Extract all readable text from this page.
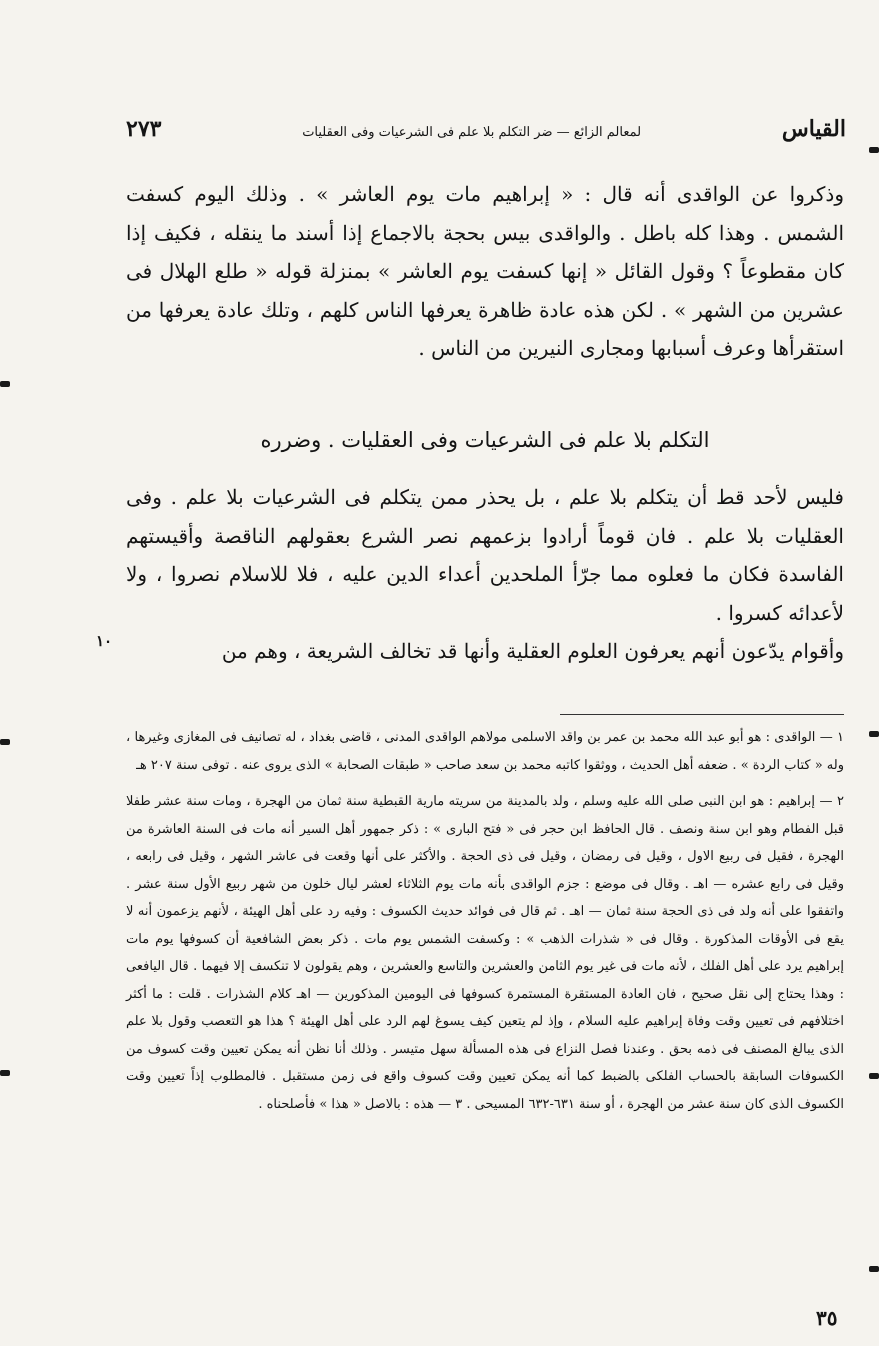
القياس
لمعالم الزائع — ضر التكلم بلا علم فى الشرعيات وفى العقليات
٢٧٣

وذكروا عن الواقدى أنه قال : « إبراهيم مات يوم العاشر » . وذلك اليوم كسفت الشمس . وهذا كله باطل . والواقدى بيس بحجة بالاجماع إذا أسند ما ينقله ، فكيف إذا كان مقطوعاً ؟ وقول القائل « إنها كسفت يوم العاشر » بمنزلة قوله « طلع الهلال فى عشرين من الشهر » . لكن هذه عادة ظاهرة يعرفها الناس كلهم ، وتلك عادة يعرفها من استقرأها وعرف أسبابها ومجارى النيرين من الناس .

التكلم بلا علم فى الشرعيات وفى العقليات . وضرره

فليس لأحد قط أن يتكلم بلا علم ، بل يحذر ممن يتكلم فى الشرعيات بلا علم . وفى العقليات بلا علم . فان قوماً أرادوا بزعمهم نصر الشرع بعقولهم الناقصة وأقيستهم الفاسدة فكان ما فعلوه مما جرّأ الملحدين أعداء الدين عليه ، فلا للاسلام نصروا ، ولا لأعدائه كسروا .

وأقوام يدّعون أنهم يعرفون العلوم العقلية وأنها قد تخالف الشريعة ، وهم من

١٠

١ — الواقدى : هو أبو عبد الله محمد بن عمر بن واقد الاسلمى مولاهم الواقدى المدنى ، قاضى بغداد ، له تصانيف فى المغازى وغيرها ، وله « كتاب الردة » . ضعفه أهل الحديث ، ووثقوا كاتبه محمد بن سعد صاحب « طبقات الصحابة » الذى يروى عنه . توفى سنة ٢٠٧ هـ

٢ — إبراهيم : هو ابن النبى صلى الله عليه وسلم ، ولد بالمدينة من سريته مارية القبطية سنة ثمان من الهجرة ، ومات سنة عشر طفلا قبل الفطام وهو ابن سنة ونصف . قال الحافظ ابن حجر فى « فتح البارى » : ذكر جمهور أهل السير أنه مات فى السنة العاشرة من الهجرة ، فقيل فى ربيع الاول ، وقيل فى رمضان ، وقيل فى ذى الحجة . والأكثر على أنها وقعت فى عاشر الشهر ، وقيل فى رابعه ، وقيل فى رابع عشره — اهـ . وقال فى موضع : جزم الواقدى بأنه مات يوم الثلاثاء لعشر ليال خلون من شهر ربيع الأول سنة عشر . واتفقوا على أنه ولد فى ذى الحجة سنة ثمان — اهـ . ثم قال فى فوائد حديث الكسوف : وفيه رد على أهل الهيئة ، لأنهم يزعمون أنه لا يقع فى الأوقات المذكورة . وقال فى « شذرات الذهب » : وكسفت الشمس يوم مات . ذكر بعض الشافعية أن كسوفها يوم مات إبراهيم يرد على أهل الفلك ، لأنه مات فى غير يوم الثامن والعشرين والتاسع والعشرين ، وهم يقولون لا تنكسف إلا فيهما . قال اليافعى : وهذا يحتاج إلى نقل صحيح ، فان العادة المستقرة المستمرة كسوفها فى اليومين المذكورين — اهـ كلام الشذرات . قلت : ما أكثر اختلافهم فى تعيين وقت وفاة إبراهيم عليه السلام ، وإذ لم يتعين كيف يسوغ لهم الرد على أهل الهيئة ؟ هذا هو التعصب وقول بلا علم الذى يبالغ المصنف فى ذمه بحق . وعندنا فصل النزاع فى هذه المسألة سهل متيسر . وذلك أنا نظن أنه يمكن تعيين وقت كسوف من الكسوفات السابقة بالحساب الفلكى بالضبط كما أنه يمكن تعيين وقت كسوف واقع فى زمن مستقبل . فالمطلوب إذاً تعيين وقت الكسوف الذى كان سنة عشر من الهجرة ، أو سنة ٦٣١-٦٣٢ المسيحى . ٣ — هذه : بالاصل « هذا » فأصلحناه .

٣٥
